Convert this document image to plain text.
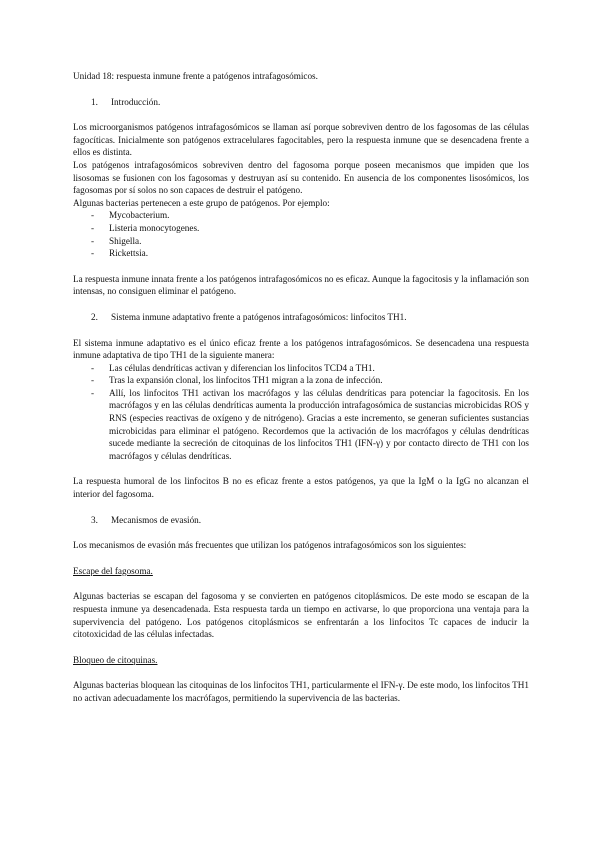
Unidad 18: respuesta inmune frente a patógenos intrafagosómicos.

1.	Introducción.

Los microorganismos patógenos intrafagosómicos se llaman así porque sobreviven dentro de los fagosomas de las células fagocíticas. Inicialmente son patógenos extracelulares fagocitables, pero la respuesta inmune que se desencadena frente a ellos es distinta.

Los patógenos intrafagosómicos sobreviven dentro del fagosoma porque poseen mecanismos que impiden que los lisosomas se fusionen con los fagosomas y destruyan así su contenido. En ausencia de los componentes lisosómicos, los fagosomas por sí solos no son capaces de destruir el patógeno.

Algunas bacterias pertenecen a este grupo de patógenos. Por ejemplo:

-	Mycobacterium.
-	Listeria monocytogenes.
-	Shigella.
-	Rickettsia.

La respuesta inmune innata frente a los patógenos intrafagosómicos no es eficaz. Aunque la fagocitosis y la inflamación son intensas, no consiguen eliminar el patógeno.

2.	Sistema inmune adaptativo frente a patógenos intrafagosómicos: linfocitos TH1.

El sistema inmune adaptativo es el único eficaz frente a los patógenos intrafagosómicos. Se desencadena una respuesta inmune adaptativa de tipo TH1 de la siguiente manera:

-	Las células dendríticas activan y diferencian los linfocitos TCD4 a TH1.
-	Tras la expansión clonal, los linfocitos TH1 migran a la zona de infección.
-	Allí, los linfocitos TH1 activan los macrófagos y las células dendríticas para potenciar la fagocitosis. En los macrófagos y en las células dendríticas aumenta la producción intrafagosómica de sustancias microbicidas ROS y RNS (especies reactivas de oxígeno y de nitrógeno). Gracias a este incremento, se generan suficientes sustancias microbicidas para eliminar el patógeno. Recordemos que la activación de los macrófagos y células dendríticas sucede mediante la secreción de citoquinas de los linfocitos TH1 (IFN-γ) y por contacto directo de TH1 con los macrófagos y células dendríticas.

La respuesta humoral de los linfocitos B no es eficaz frente a estos patógenos, ya que la IgM o la IgG no alcanzan el interior del fagosoma.

3.	Mecanismos de evasión.

Los mecanismos de evasión más frecuentes que utilizan los patógenos intrafagosómicos son los siguientes:

Escape del fagosoma.

Algunas bacterias se escapan del fagosoma y se convierten en patógenos citoplásmicos. De este modo se escapan de la respuesta inmune ya desencadenada. Esta respuesta tarda un tiempo en activarse, lo que proporciona una ventaja para la supervivencia del patógeno. Los patógenos citoplásmicos se enfrentarán a los linfocitos Tc capaces de inducir la citotoxicidad de las células infectadas.

Bloqueo de citoquinas.

Algunas bacterias bloquean las citoquinas de los linfocitos TH1, particularmente el IFN-γ. De este modo, los linfocitos TH1 no activan adecuadamente los macrófagos, permitiendo la supervivencia de las bacterias.
